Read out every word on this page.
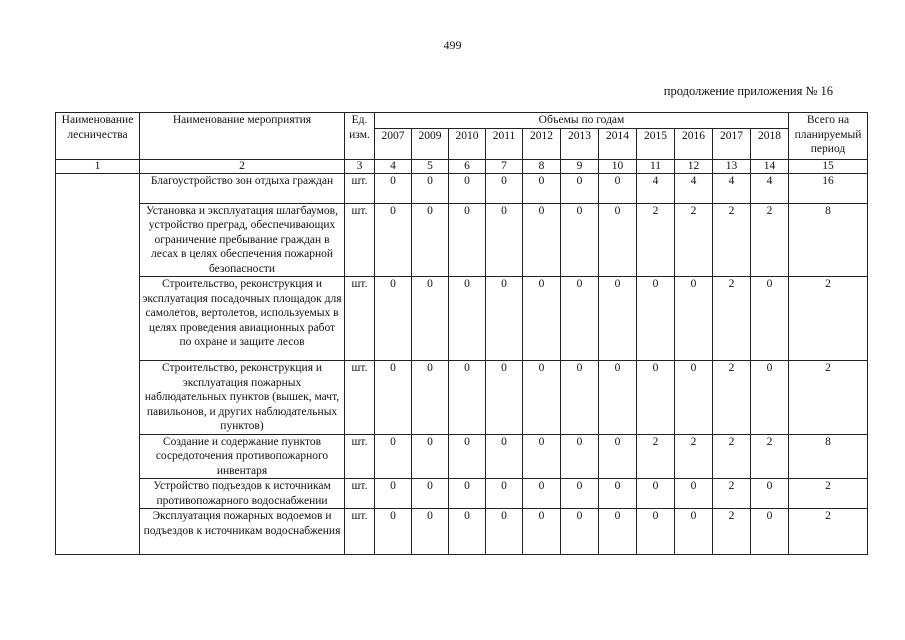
499
продолжение приложения № 16
Наименование лесничества	Наименование мероприятия	Ед. изм.	Объемы по годам											Всего на планируемый период
			2007	2009	2010	2011	2012	2013	2014	2015	2016	2017	2018	
1	2	3	4	5	6	7	8	9	10	11	12	13	14	15
	Благоустройство зон отдыха граждан	шт.	0	0	0	0	0	0	0	4	4	4	4	16
	Установка и эксплуатация шлагбаумов, устройство преград, обеспечивающих ограничение пребывание граждан в лесах в целях обеспечения пожарной безопасности	шт.	0	0	0	0	0	0	0	2	2	2	2	8
	Строительство, реконструкция и эксплуатация посадочных площадок для самолетов, вертолетов, используемых в целях проведения авиационных работ по охране и защите лесов	шт.	0	0	0	0	0	0	0	0	0	2	0	2
	Строительство, реконструкция и эксплуатация пожарных наблюдательных пунктов (вышек, мачт, павильонов, и других наблюдательных пунктов)	шт.	0	0	0	0	0	0	0	0	0	2	0	2
	Создание и содержание пунктов сосредоточения противопожарного инвентаря	шт.	0	0	0	0	0	0	0	2	2	2	2	8
	Устройство подъездов к источникам противопожарного водоснабжении	шт.	0	0	0	0	0	0	0	0	0	2	0	2
	Эксплуатация пожарных водоемов и подъездов к источникам водоснабжения	шт.	0	0	0	0	0	0	0	0	0	2	0	2
